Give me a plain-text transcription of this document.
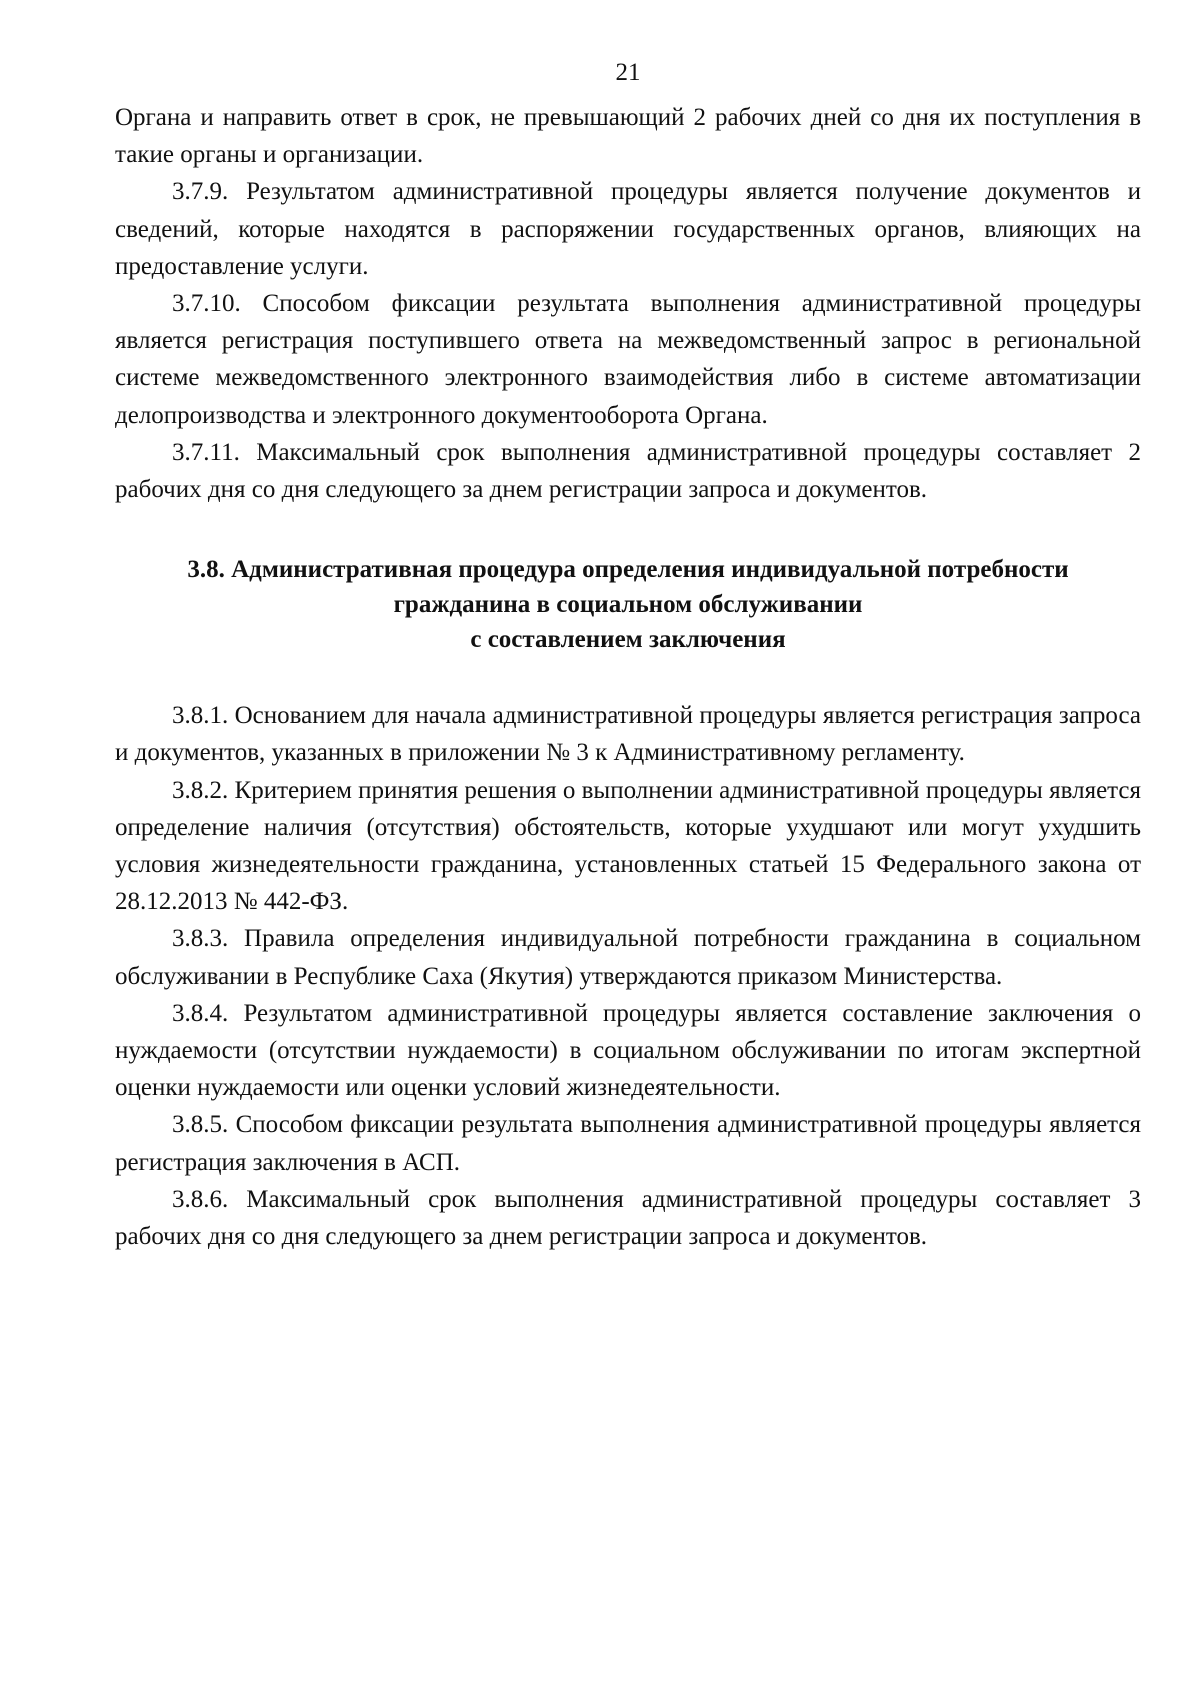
21

Органа и направить ответ в срок, не превышающий 2 рабочих дней со дня их поступления в такие органы и организации.

3.7.9. Результатом административной процедуры является получение документов и сведений, которые находятся в распоряжении государственных органов, влияющих на предоставление услуги.

3.7.10. Способом фиксации результата выполнения административной процедуры является регистрация поступившего ответа на межведомственный запрос в региональной системе межведомственного электронного взаимодействия либо в системе автоматизации делопроизводства и электронного документооборота Органа.

3.7.11. Максимальный срок выполнения административной процедуры составляет 2 рабочих дня со дня следующего за днем регистрации запроса и документов.

3.8. Административная процедура определения индивидуальной потребности
гражданина в социальном обслуживании
с составлением заключения

3.8.1. Основанием для начала административной процедуры является регистрация запроса и документов, указанных в приложении № 3 к Административному регламенту.

3.8.2. Критерием принятия решения о выполнении административной процедуры является определение наличия (отсутствия) обстоятельств, которые ухудшают или могут ухудшить условия жизнедеятельности гражданина, установленных статьей 15 Федерального закона от 28.12.2013 № 442-ФЗ.

3.8.3. Правила определения индивидуальной потребности гражданина в социальном обслуживании в Республике Саха (Якутия) утверждаются приказом Министерства.

3.8.4. Результатом административной процедуры является составление заключения о нуждаемости (отсутствии нуждаемости) в социальном обслуживании по итогам экспертной оценки нуждаемости или оценки условий жизнедеятельности.

3.8.5. Способом фиксации результата выполнения административной процедуры является регистрация заключения в АСП.

3.8.6. Максимальный срок выполнения административной процедуры составляет 3 рабочих дня со дня следующего за днем регистрации запроса и документов.
